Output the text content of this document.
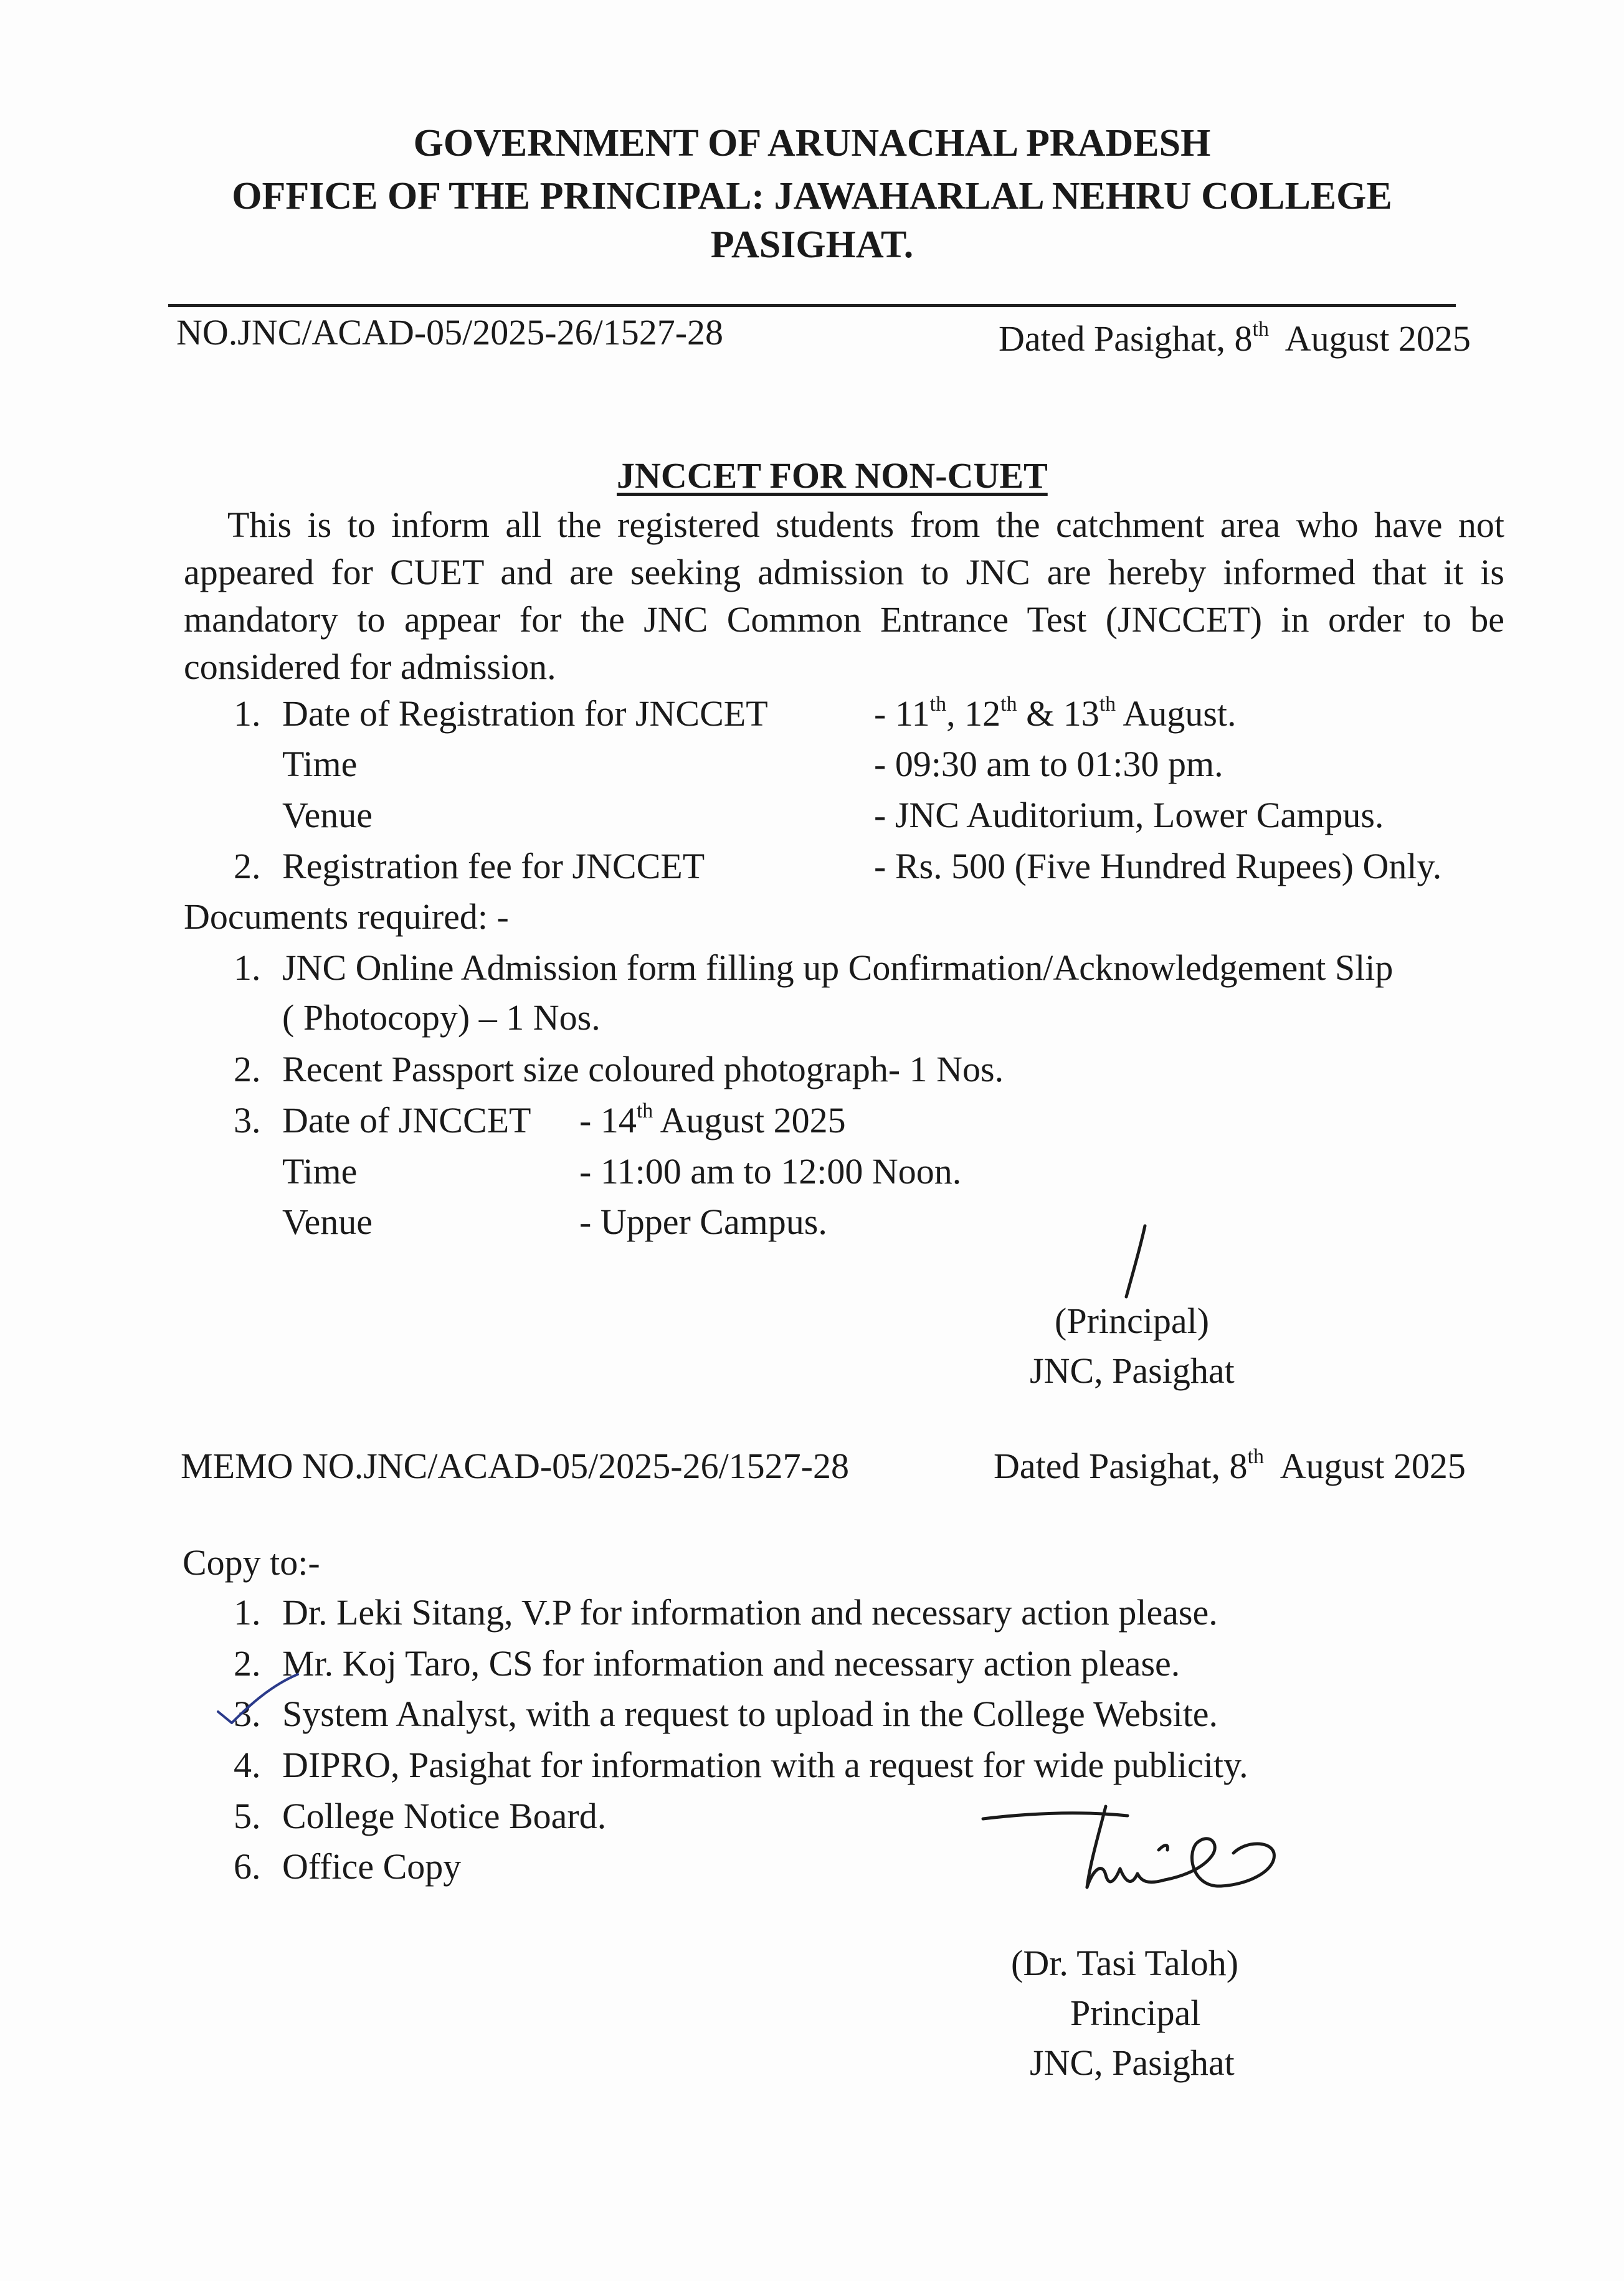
GOVERNMENT OF ARUNACHAL PRADESH
OFFICE OF THE PRINCIPAL: JAWAHARLAL NEHRU COLLEGE
PASIGHAT.
NO.JNC/ACAD-05/2025-26/1527-28	Dated Pasighat, 8th August 2025
JNCCET FOR NON-CUET
This is to inform all the registered students from the catchment area who have not appeared for CUET and are seeking admission to JNC are hereby informed that it is mandatory to appear for the JNC Common Entrance Test (JNCCET) in order to be considered for admission.
1. Date of Registration for JNCCET	- 11th, 12th & 13th August.
Time	- 09:30 am to 01:30 pm.
Venue	- JNC Auditorium, Lower Campus.
2. Registration fee for JNCCET	- Rs. 500 (Five Hundred Rupees) Only.
Documents required: -
1. JNC Online Admission form filling up Confirmation/Acknowledgement Slip
( Photocopy) – 1 Nos.
2. Recent Passport size coloured photograph- 1 Nos.
3. Date of JNCCET - 14th August 2025
Time	- 11:00 am to 12:00 Noon.
Venue	- Upper Campus.
(Principal)
JNC, Pasighat
MEMO NO.JNC/ACAD-05/2025-26/1527-28	Dated Pasighat, 8th August 2025
Copy to:-
1. Dr. Leki Sitang, V.P for information and necessary action please.
2. Mr. Koj Taro, CS for information and necessary action please.
3. System Analyst, with a request to upload in the College Website.
4. DIPRO, Pasighat for information with a request for wide publicity.
5. College Notice Board.
6. Office Copy
(Dr. Tasi Taloh)
Principal
JNC, Pasighat
